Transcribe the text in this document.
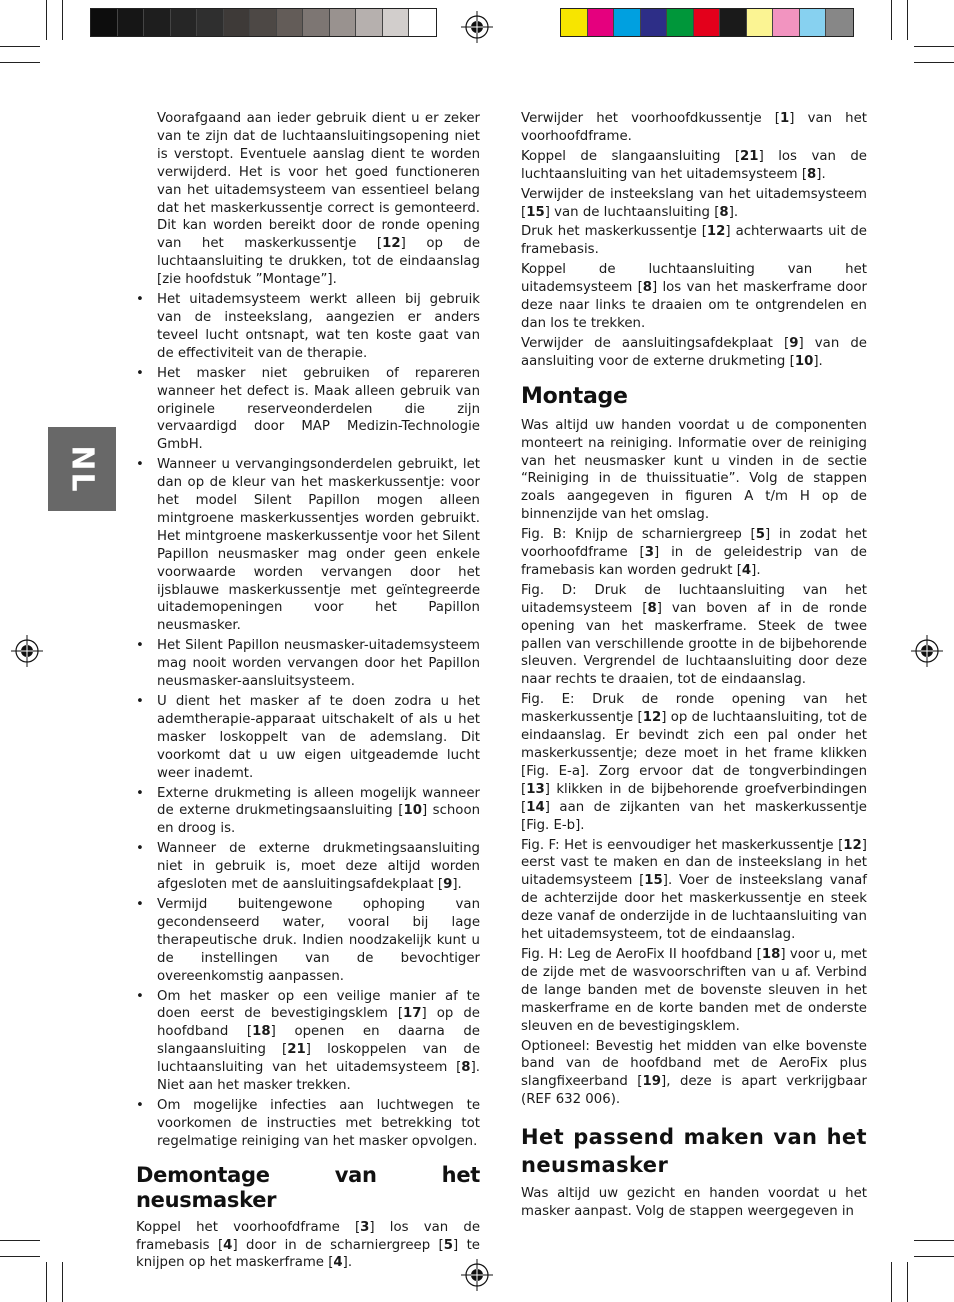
NL

Voorafgaand aan ieder gebruik dient u er zeker van te zijn dat de luchtaansluitingsopening niet is verstopt. Eventuele aanslag dient te worden verwijderd. Het is voor het goed functioneren van het uitademsysteem van essentieel belang dat het maskerkussentje correct is gemonteerd. Dit kan worden bereikt door de ronde opening van het maskerkussentje [12] op de luchtaansluiting te drukken, tot de eindaanslag [zie hoofdstuk ”Montage”].

• Het uitademsysteem werkt alleen bij gebruik van de insteekslang, aangezien er anders teveel lucht ontsnapt, wat ten koste gaat van de effectiviteit van de therapie.
• Het masker niet gebruiken of repareren wanneer het defect is. Maak alleen gebruik van originele reserveonderdelen die zijn vervaardigd door MAP Medizin-Technologie GmbH.
• Wanneer u vervangingsonderdelen gebruikt, let dan op de kleur van het maskerkussentje: voor het model Silent Papillon mogen alleen mintgroene maskerkussentjes worden gebruikt. Het mintgroene maskerkussentje voor het Silent Papillon neusmasker mag onder geen enkele voorwaarde worden vervangen door het ijsblauwe maskerkussentje met geïntegreerde uitademopeningen voor het Papillon neusmasker.
• Het Silent Papillon neusmasker-uitademsysteem mag nooit worden vervangen door het Papillon neusmasker-aansluitsysteem.
• U dient het masker af te doen zodra u het ademtherapie-apparaat uitschakelt of als u het masker loskoppelt van de ademslang. Dit voorkomt dat u uw eigen uitgeademde lucht weer inademt.
• Externe drukmeting is alleen mogelijk wanneer de externe drukmetingsaansluiting [10] schoon en droog is.
• Wanneer de externe drukmetingsaansluiting niet in gebruik is, moet deze altijd worden afgesloten met de aansluitingsafdekplaat [9].
• Vermijd buitengewone ophoping van gecondenseerd water, vooral bij lage therapeutische druk. Indien noodzakelijk kunt u de instellingen van de bevochtiger overeenkomstig aanpassen.
• Om het masker op een veilige manier af te doen eerst de bevestigingsklem [17] op de hoofdband [18] openen en daarna de slangaansluiting [21] loskoppelen van de luchtaansluiting van het uitademsysteem [8]. Niet aan het masker trekken.
• Om mogelijke infecties aan luchtwegen te voorkomen de instructies met betrekking tot regelmatige reiniging van het masker opvolgen.
Demontage van het neusmasker

Koppel het voorhoofdframe [3] los van de framebasis [4] door in de scharniergreep [5] te knijpen op het maskerframe [4].

Verwijder het voorhoofdkussentje [1] van het voorhoofdframe.

Koppel de slangaansluiting [21] los van de luchtaansluiting van het uitademsysteem [8].

Verwijder de insteekslang van het uitademsysteem [15] van de luchtaansluiting [8].

Druk het maskerkussentje [12] achterwaarts uit de framebasis.

Koppel de luchtaansluiting van het uitademsysteem [8] los van het maskerframe door deze naar links te draaien om te ontgrendelen en dan los te trekken.

Verwijder de aansluitingsafdekplaat [9] van de aansluiting voor de externe drukmeting [10].

Montage

Was altijd uw handen voordat u de componenten monteert na reiniging. Informatie over de reiniging van het neusmasker kunt u vinden in de sectie “Reiniging in de thuissituatie”. Volg de stappen zoals aangegeven in figuren A t/m H op de binnenzijde van het omslag.

Fig. B: Knijp de scharniergreep [5] in zodat het voorhoofdframe [3] in de geleidestrip van de framebasis kan worden gedrukt [4].

Fig. D: Druk de luchtaansluiting van het uitademsysteem [8] van boven af in de ronde opening van het maskerframe. Steek de twee pallen van verschillende grootte in de bijbehorende sleuven. Vergrendel de luchtaansluiting door deze naar rechts te draaien, tot de eindaanslag.

Fig. E: Druk de ronde opening van het maskerkussentje [12] op de luchtaansluiting, tot de eindaanslag. Er bevindt zich een pal onder het maskerkussentje; deze moet in het frame klikken [Fig. E-a]. Zorg ervoor dat de tongverbindingen [13] klikken in de bijbehorende groefverbindingen [14] aan de zijkanten van het maskerkussentje [Fig. E-b].

Fig. F: Het is eenvoudiger het maskerkussentje [12] eerst vast te maken en dan de insteekslang in het uitademsysteem [15]. Voer de insteekslang vanaf de achterzijde door het maskerkussentje en steek deze vanaf de onderzijde in de luchtaansluiting van het uitademsysteem, tot de eindaanslag.

Fig. H: Leg de AeroFix II hoofdband [18] voor u, met de zijde met de wasvoorschriften van u af. Verbind de lange banden met de bovenste sleuven in het maskerframe en de korte banden met de onderste sleuven en de bevestigingsklem.

Optioneel: Bevestig het midden van elke bovenste band van de hoofdband met de AeroFix plus slangfixeerband [19], deze is apart verkrijgbaar (REF 632 006).

Het passend maken van het neusmasker

Was altijd uw gezicht en handen voordat u het masker aanpast. Volg de stappen weergegeven in
